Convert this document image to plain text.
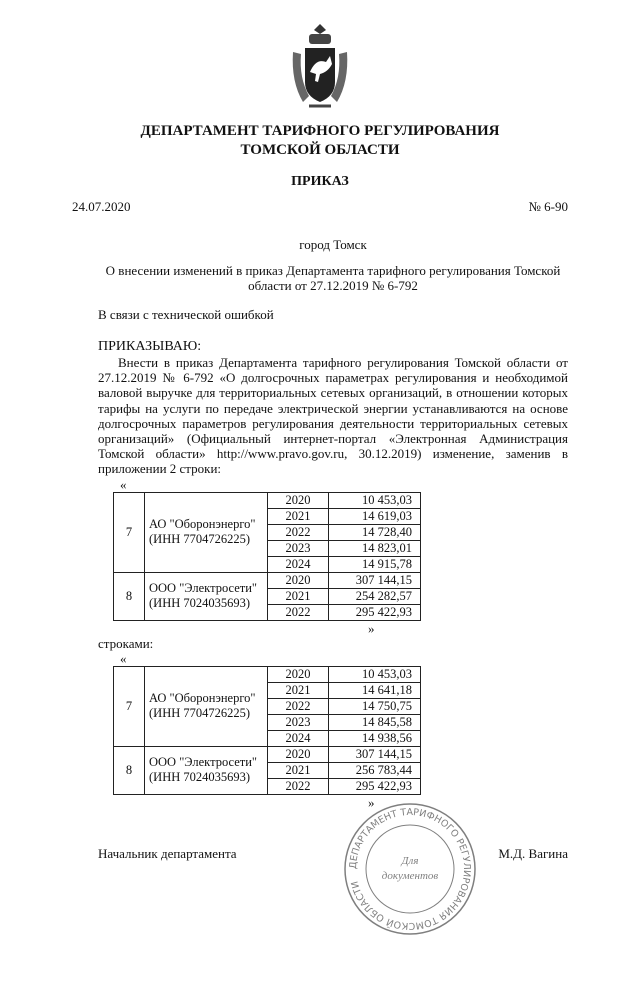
ДЕПАРТАМЕНТ ТАРИФНОГО РЕГУЛИРОВАНИЯ
ТОМСКОЙ ОБЛАСТИ
ПРИКАЗ
24.07.2020	№ 6-90
город Томск
О внесении изменений в приказ Департамента тарифного регулирования Томской области от 27.12.2019 № 6-792
В связи с технической ошибкой
ПРИКАЗЫВАЮ:
Внести в приказ Департамента тарифного регулирования Томской области от 27.12.2019 № 6-792 «О долгосрочных параметрах регулирования и необходимой валовой выручке для территориальных сетевых организаций, в отношении которых тарифы на услуги по передаче электрической энергии устанавливаются на основе долгосрочных параметров регулирования деятельности территориальных сетевых организаций» (Официальный интернет-портал «Электронная Администрация Томской области» http://www.pravo.gov.ru, 30.12.2019) изменение, заменив в приложении 2 строки:
«
7	АО "Оборонэнерго" (ИНН 7704726225)	2020	10 453,03
		2021	14 619,03
		2022	14 728,40
		2023	14 823,01
		2024	14 915,78
8	ООО "Электросети" (ИНН 7024035693)	2020	307 144,15
		2021	254 282,57
		2022	295 422,93
»
строками:
«
7	АО "Оборонэнерго" (ИНН 7704726225)	2020	10 453,03
		2021	14 641,18
		2022	14 750,75
		2023	14 845,58
		2024	14 938,56
8	ООО "Электросети" (ИНН 7024035693)	2020	307 144,15
		2021	256 783,44
		2022	295 422,93
»
Начальник департамента	М.Д. Вагина
ДЕПАРТАМЕНТ ТАРИФНОГО РЕГУЛИРОВАНИЯ ТОМСКОЙ ОБЛАСТИ
Для
документов
